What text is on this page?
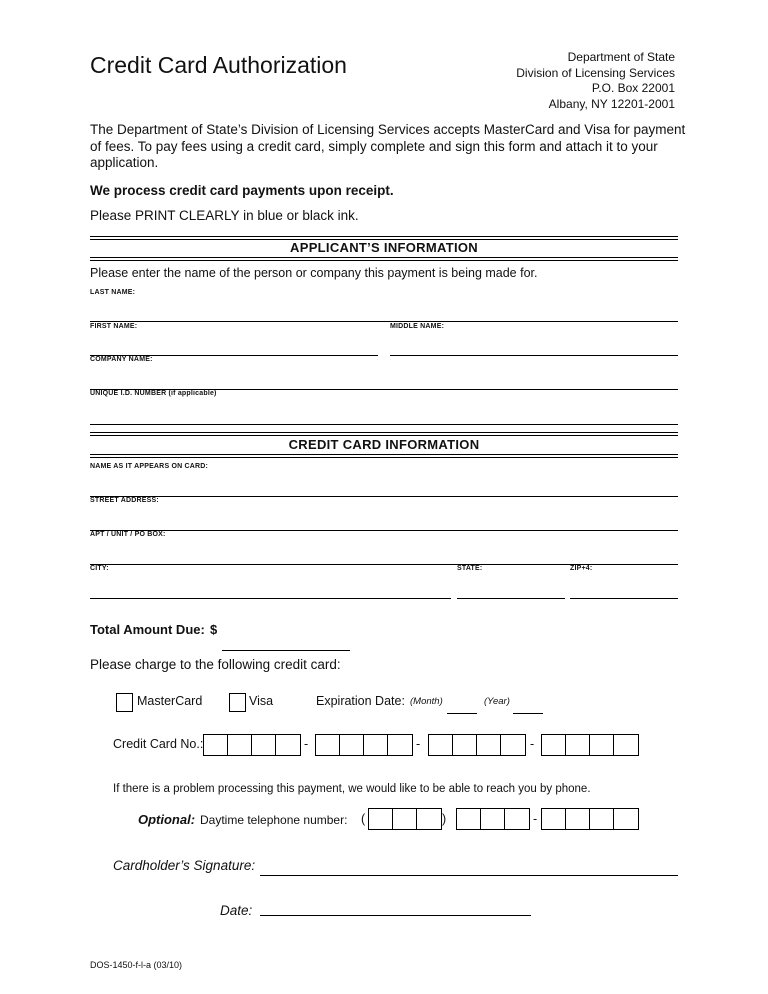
Credit Card Authorization	Department of State
Division of Licensing Services
P.O. Box 22001
Albany, NY 12201-2001
The Department of State’s Division of Licensing Services accepts MasterCard and Visa for payment of fees. To pay fees using a credit card, simply complete and sign this form and attach it to your application.
We process credit card payments upon receipt.
Please PRINT CLEARLY in blue or black ink.
APPLICANT’S INFORMATION
Please enter the name of the person or company this payment is being made for.
LAST NAME:
FIRST NAME:	MIDDLE NAME:
COMPANY NAME:
UNIQUE I.D. NUMBER (if applicable)
CREDIT CARD INFORMATION
NAME AS IT APPEARS ON CARD:
STREET ADDRESS:
APT / UNIT / PO BOX:
CITY:	STATE:	ZIP+4:
Total Amount Due: $
Please charge to the following credit card:
MasterCard	Visa	Expiration Date: (Month)	(Year)
Credit Card No.:	-	-	-
If there is a problem processing this payment, we would like to be able to reach you by phone.
Optional: Daytime telephone number: (	)	-
Cardholder’s Signature:
Date:
DOS-1450-f-l-a (03/10)
